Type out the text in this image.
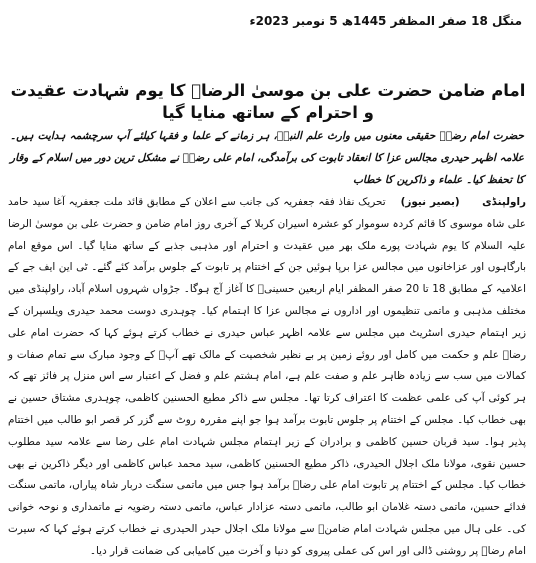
منگل 18 صفر المظفر 1445ھ 5 نومبر 2023ء
امام ضامن حضرت علی بن موسیٰ الرضاؑ کا یوم شہادت عقیدت و احترام کے ساتھ منایا گیا
حضرت امام رضاؑ حقیقی معنوں میں وارث علم النبیؐ، ہر زمانے کے علما و فقہا کیلئے آپ سرچشمہ ہدایت ہیں۔ علامہ اظہر حیدری مجالس عزا کا انعقاد تابوت کی برآمدگی، امام علی رضاؑ نے مشکل ترین دور میں اسلام کے وقار کا تحفظ کیا۔ علماء و ذاکرین کا خطاب

راولپنڈی      (بصیر نیوز)    تحریک نفاذ فقہ جعفریہ کی جانب سے اعلان کے مطابق قائد ملت جعفریہ آغا سید حامد علی شاہ موسوی کا قائم کردہ سوموار کو عشرہ اسیران کربلا کے آخری روز امام ضامن و حضرت علی بن موسیٰ الرضا علیہ السلام کا یوم شہادت پورے ملک بھر میں عقیدت و احترام اور مذہبی جذبے کے ساتھ منایا گیا۔ اس موقع امام بارگاہوں اور عزاخانوں میں مجالس عزا برپا ہوئیں جن کے اختتام پر تابوت کے جلوس برآمد کئے گئے۔ ٹی این ایف جے کے اعلامیہ کے مطابق 18 تا 20 صفر المظفر ایام اربعین حسینیؑ کا آغاز آج ہوگا۔ جڑواں شہروں اسلام آباد، راولپنڈی میں مختلف مذہبی و ماتمی تنظیموں اور اداروں نے مجالس عزا کا اہتمام کیا۔ چوہدری دوست محمد حیدری ویلسپران کے زیر اہتمام حیدری اسٹریٹ میں مجلس سے علامہ اظہر عباس حیدری نے خطاب کرتے ہوئے کہا کہ حضرت امام علی رضاؑ علم و حکمت میں کامل اور روئے زمین پر بے نظیر شخصیت کے مالک تھے آپؑ کے وجود مبارک سے تمام صفات و کمالات میں سب سے زیادہ ظاہر علم و صفت علم ہے، امام ہشتم علم و فضل کے اعتبار سے اس منزل پر فائز تھے کہ ہر کوئی آپ کی علمی عظمت کا اعتراف کرتا تھا۔ مجلس سے ذاکر مطیع الحسنین کاظمی، چوہدری مشتاق حسین نے بھی خطاب کیا۔ مجلس کے اختتام پر جلوس تابوت برآمد ہوا جو اپنے مقررہ روٹ سے گزر کر قصر ابو طالب میں اختتام پذیر ہوا۔ سید قربان حسین کاظمی و برادران کے زیر اہتمام مجلس شہادت امام علی رضا سے علامہ سید مطلوب حسین نقوی، مولانا ملک اجلال الحیدری، ذاکر مطیع الحسنین کاظمی، سید محمد عباس کاظمی اور دیگر ذاکرین نے بھی خطاب کیا۔ مجلس کے اختتام پر تابوت امام علی رضاؑ برآمد ہوا جس میں ماتمی سنگت دربار شاہ پیاراں، ماتمی سنگت فدائے حسین، ماتمی دستہ غلامان ابو طالب، ماتمی دستہ عزادار عباس، ماتمی دستہ رضویہ نے ماتمداری و نوحہ خوانی کی۔ علی ہال میں مجلس شہادت امام ضامنؑ سے مولانا ملک اجلال حیدر الحیدری نے خطاب کرتے ہوئے کہا کہ سیرت امام رضاؑ پر روشنی ڈالی اور اس کی عملی پیروی کو دنیا و آخرت میں کامیابی کی ضمانت قرار دیا۔
